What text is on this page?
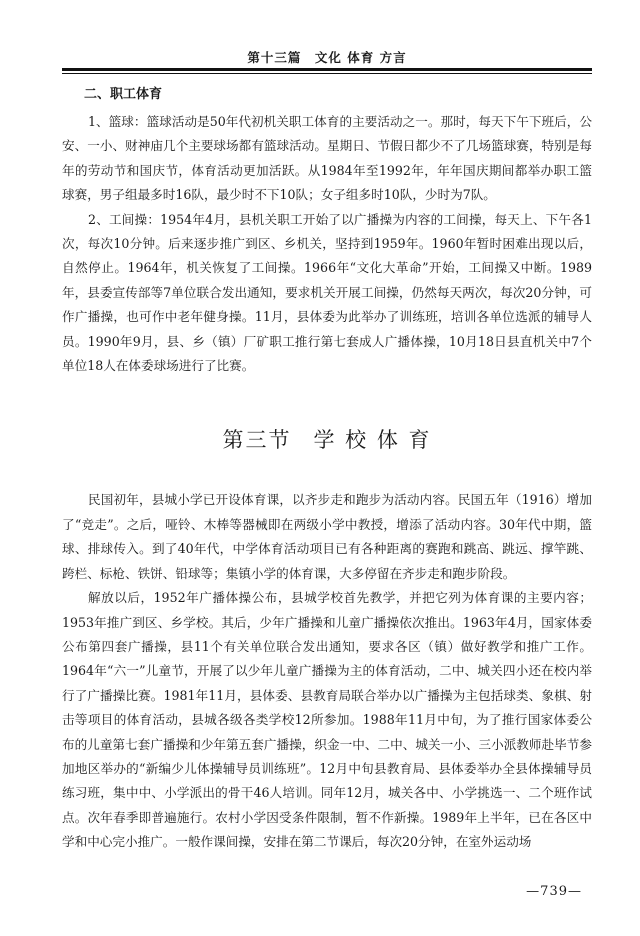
第十三篇　文化 体育 方言
二、职工体育

1、篮球：篮球活动是50年代初机关职工体育的主要活动之一。那时，每天下午下班后，公安、一小、财神庙几个主要球场都有篮球活动。星期日、节假日都少不了几场篮球赛，特别是每年的劳动节和国庆节，体育活动更加活跃。从1984年至1992年，年年国庆期间都举办职工篮球赛，男子组最多时16队，最少时不下10队；女子组多时10队，少时为7队。

2、工间操：1954年4月，县机关职工开始了以广播操为内容的工间操，每天上、下午各1次，每次10分钟。后来逐步推广到区、乡机关，坚持到1959年。1960年暂时困难出现以后，自然停止。1964年，机关恢复了工间操。1966年“文化大革命”开始，工间操又中断。1989年，县委宣传部等7单位联合发出通知，要求机关开展工间操，仍然每天两次，每次20分钟，可作广播操，也可作中老年健身操。11月，县体委为此举办了训练班，培训各单位选派的辅导人员。1990年9月，县、乡（镇）厂矿职工推行第七套成人广播体操，10月18日县直机关中7个单位18人在体委球场进行了比赛。

第三节 学 校 体 育

民国初年，县城小学已开设体育课，以齐步走和跑步为活动内容。民国五年（1916）增加了“竞走”。之后，哑铃、木棒等器械即在两级小学中教授，增添了活动内容。30年代中期，篮球、排球传入。到了40年代，中学体育活动项目已有各种距离的赛跑和跳高、跳远、撑竿跳、跨栏、标枪、铁饼、铅球等；集镇小学的体育课，大多停留在齐步走和跑步阶段。

解放以后，1952年广播体操公布，县城学校首先教学，并把它列为体育课的主要内容；1953年推广到区、乡学校。其后，少年广播操和儿童广播操依次推出。1963年4月，国家体委公布第四套广播操，县11个有关单位联合发出通知，要求各区（镇）做好教学和推广工作。1964年“六一”儿童节，开展了以少年儿童广播操为主的体育活动，二中、城关四小还在校内举行了广播操比赛。1981年11月，县体委、县教育局联合举办以广播操为主包括球类、象棋、射击等项目的体育活动，县城各级各类学校12所参加。1988年11月中旬，为了推行国家体委公布的儿童第七套广播操和少年第五套广播操，织金一中、二中、城关一小、三小派教师赴毕节参加地区举办的“新编少儿体操辅导员训练班”。12月中旬县教育局、县体委举办全县体操辅导员练习班，集中中、小学派出的骨干46人培训。同年12月，城关各中、小学挑选一、二个班作试点。次年春季即普遍施行。农村小学因受条件限制，暂不作新操。1989年上半年，已在各区中学和中心完小推广。一般作课间操，安排在第二节课后，每次20分钟，在室外运动场

—739—
